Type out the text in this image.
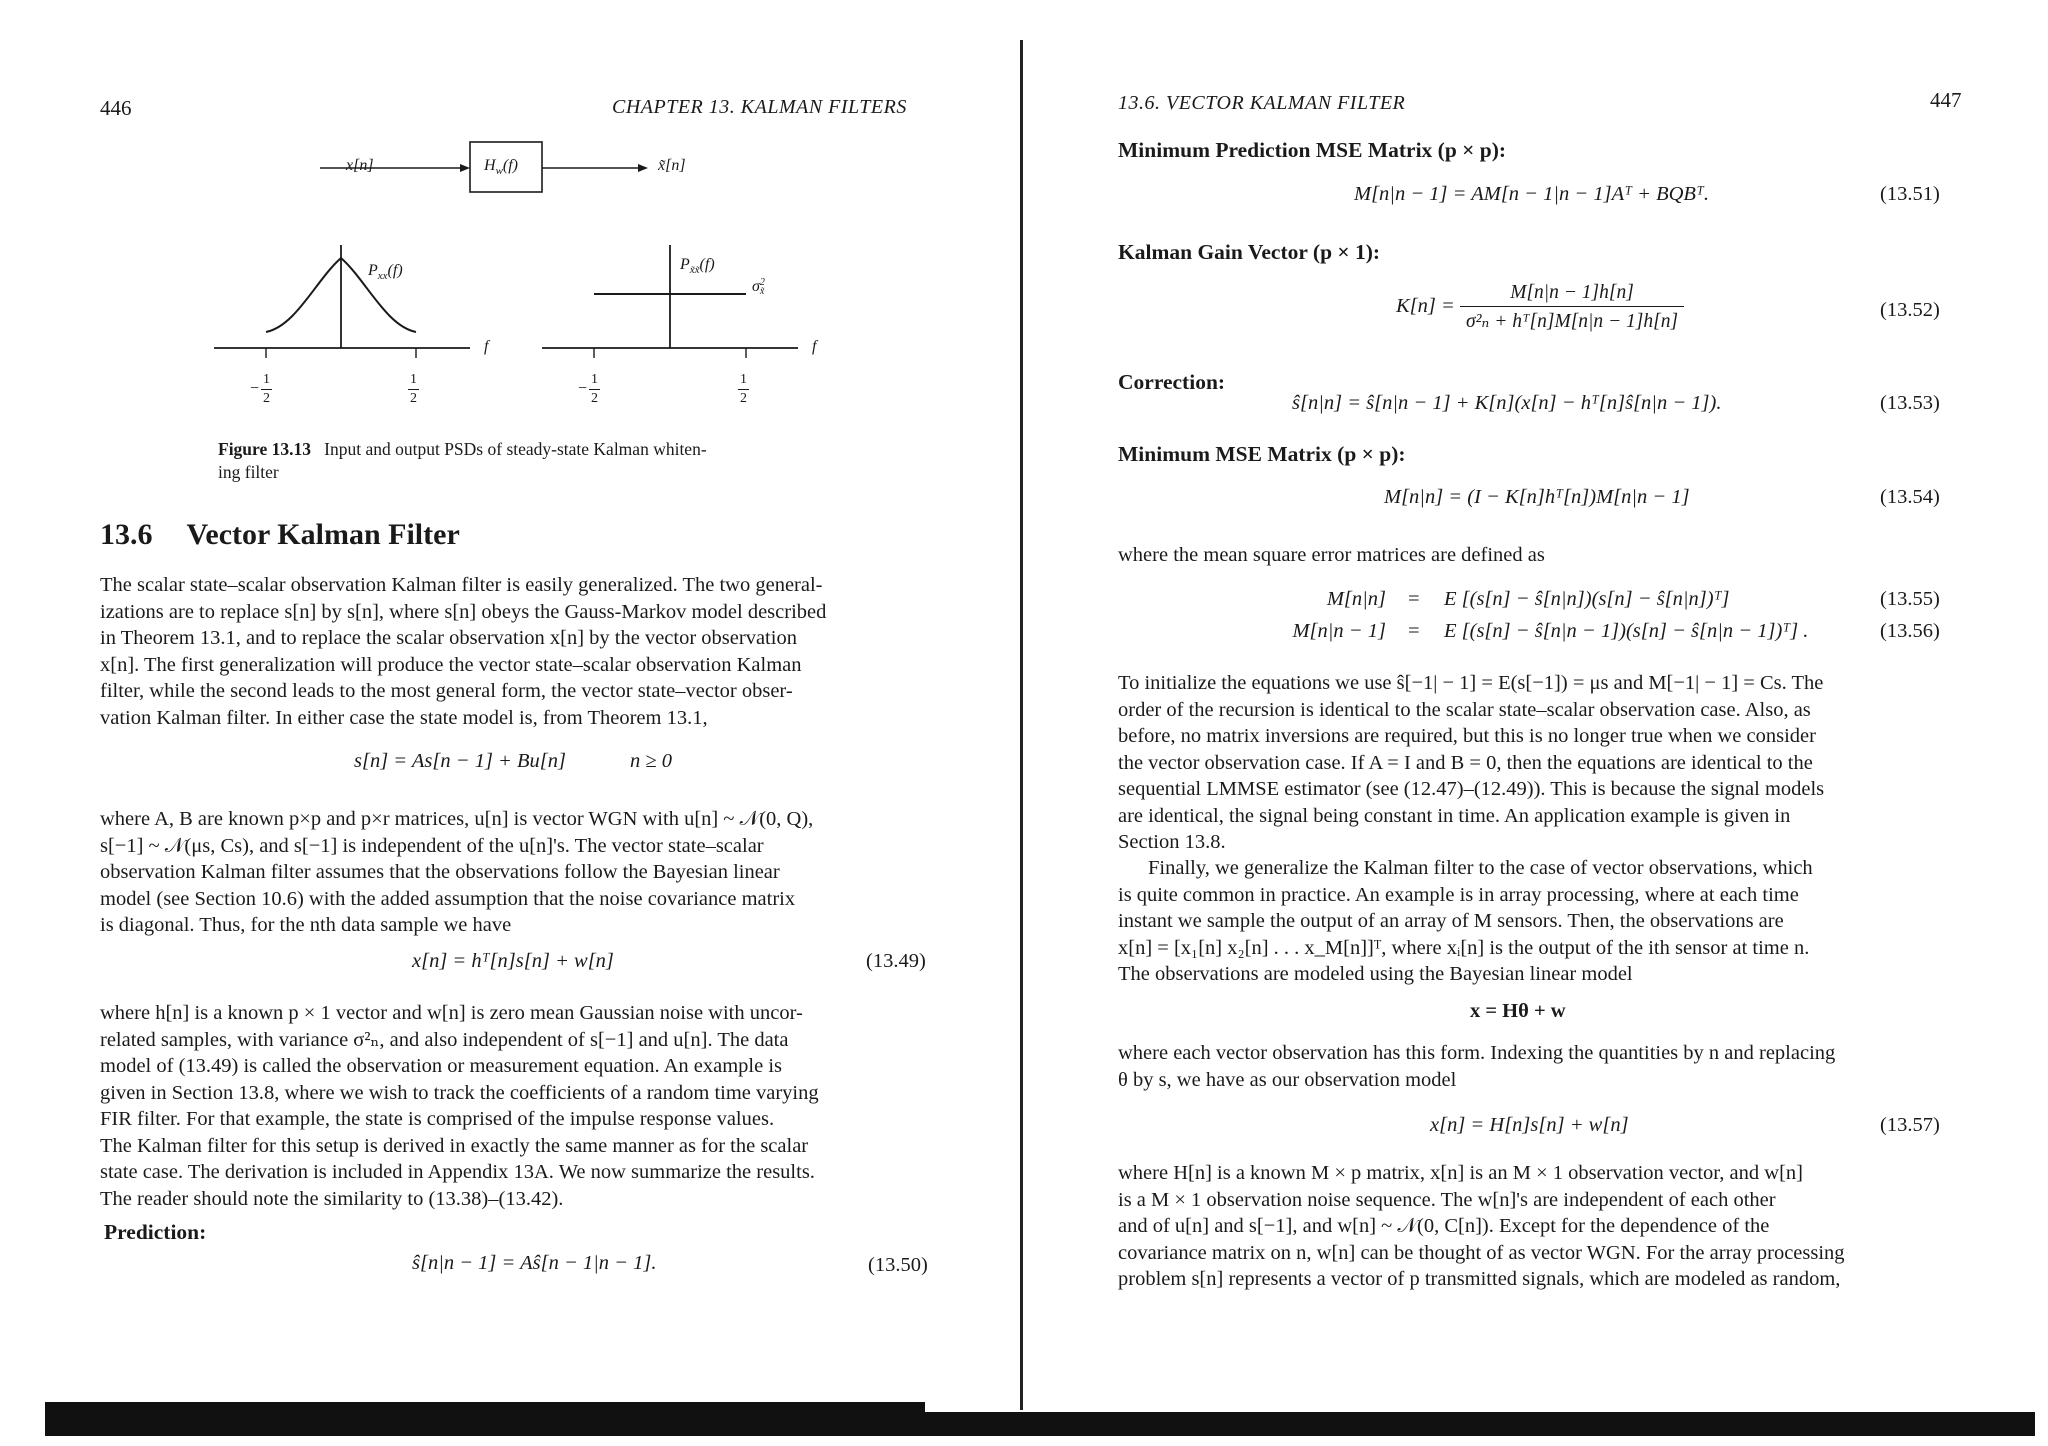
446	CHAPTER 13. KALMAN FILTERS
x[n]	$H_w(f)$	x̃[n]
$P_{xx}(f)$	$P_{x̃x̃}(f)$
σ 2
x̃
f	f
− $\frac{1}{2}$	$\frac{1}{2}$	− $\frac{1}{2}$	$\frac{1}{2}$
Figure 13.13 Input and output PSDs of steady-state Kalman whiten-
ing filter
13.6 Vector Kalman Filter

The scalar state–scalar observation Kalman filter is easily generalized. The two general-

izations are to replace s[n] by s[n], where s[n] obeys the Gauss-Markov model described

in Theorem 13.1, and to replace the scalar observation x[n] by the vector observation

x[n]. The first generalization will produce the vector state–scalar observation Kalman

filter, while the second leads to the most general form, the vector state–vector obser-

vation Kalman filter. In either case the state model is, from Theorem 13.1,

s[n] = As[n − 1] + Bu[n]	n ≥ 0

where A, B are known p×p and p×r matrices, u[n] is vector WGN with u[n] ~ 𝒩(0, Q),

s[−1] ~ 𝒩(μs, Cs), and s[−1] is independent of the u[n]'s. The vector state–scalar

observation Kalman filter assumes that the observations follow the Bayesian linear

model (see Section 10.6) with the added assumption that the noise covariance matrix

is diagonal. Thus, for the nth data sample we have

x[n] = hᵀ[n]s[n] + w[n]	(13.49)

where h[n] is a known p × 1 vector and w[n] is zero mean Gaussian noise with uncor-

related samples, with variance σ²ₙ, and also independent of s[−1] and u[n]. The data

model of (13.49) is called the observation or measurement equation. An example is

given in Section 13.8, where we wish to track the coefficients of a random time varying

FIR filter. For that example, the state is comprised of the impulse response values.

The Kalman filter for this setup is derived in exactly the same manner as for the scalar

state case. The derivation is included in Appendix 13A. We now summarize the results.

The reader should note the similarity to (13.38)–(13.42).

Prediction:
ŝ[n|n − 1] = Aŝ[n − 1|n − 1].	(13.50)
13.6. VECTOR KALMAN FILTER	447
Minimum Prediction MSE Matrix (p × p):
M[n|n − 1] = AM[n − 1|n − 1]Aᵀ + BQBᵀ.	(13.51)
Kalman Gain Vector (p × 1):
$K[n] = \frac{M[n|n - 1]h[n]}{\text{σ²ₙ + hᵀ[n]M[n|n − 1]h[n]}}$	(13.52)
Correction:
ŝ[n|n] = ŝ[n|n − 1] + K[n](x[n] − hᵀ[n]ŝ[n|n − 1]).	(13.53)
Minimum MSE Matrix (p × p):
M[n|n] = (I − K[n]hᵀ[n])M[n|n − 1]	(13.54)
where the mean square error matrices are defined as
M[n|n] = E [(s[n] − ŝ[n|n])(s[n] − ŝ[n|n])ᵀ]	(13.55)
M[n|n − 1] = E [(s[n] − ŝ[n|n − 1])(s[n] − ŝ[n|n − 1])ᵀ] .	(13.56)

To initialize the equations we use ŝ[−1| − 1] = E(s[−1]) = μs and M[−1| − 1] = Cs. The

order of the recursion is identical to the scalar state–scalar observation case. Also, as

before, no matrix inversions are required, but this is no longer true when we consider

the vector observation case. If A = I and B = 0, then the equations are identical to the

sequential LMMSE estimator (see (12.47)–(12.49)). This is because the signal models

are identical, the signal being constant in time. An application example is given in

Section 13.8.

Finally, we generalize the Kalman filter to the case of vector observations, which

is quite common in practice. An example is in array processing, where at each time

instant we sample the output of an array of M sensors. Then, the observations are

x[n] = [x₁[n] x₂[n] . . . x_M[n]]ᵀ, where xᵢ[n] is the output of the ith sensor at time n.

The observations are modeled using the Bayesian linear model

x = Hθ + w

where each vector observation has this form. Indexing the quantities by n and replacing

θ by s, we have as our observation model

x[n] = H[n]s[n] + w[n]	(13.57)

where H[n] is a known M × p matrix, x[n] is an M × 1 observation vector, and w[n]

is a M × 1 observation noise sequence. The w[n]'s are independent of each other

and of u[n] and s[−1], and w[n] ~ 𝒩(0, C[n]). Except for the dependence of the

covariance matrix on n, w[n] can be thought of as vector WGN. For the array processing

problem s[n] represents a vector of p transmitted signals, which are modeled as random,
